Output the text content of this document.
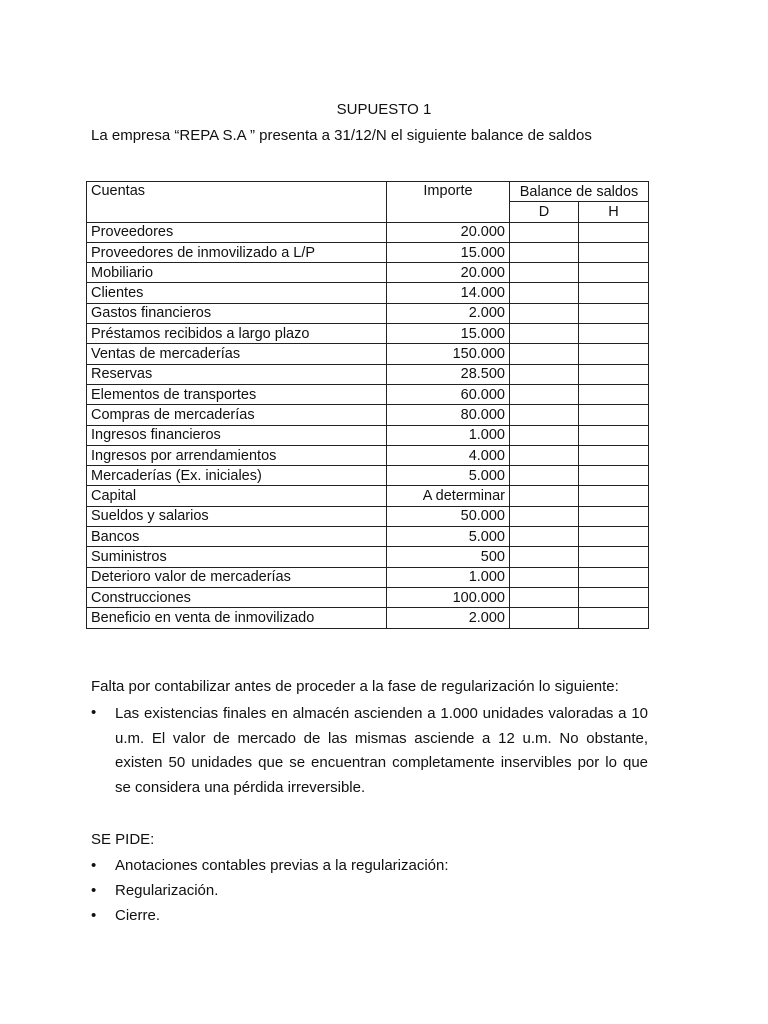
SUPUESTO 1
La empresa “REPA S.A ” presenta a 31/12/N el siguiente balance de saldos
Cuentas	Importe	Balance de saldos	
		D	H
Proveedores	20.000		
Proveedores de inmovilizado a L/P	15.000		
Mobiliario	20.000		
Clientes	14.000		
Gastos financieros	2.000		
Préstamos recibidos a largo plazo	15.000		
Ventas de mercaderías	150.000		
Reservas	28.500		
Elementos de transportes	60.000		
Compras de mercaderías	80.000		
Ingresos financieros	1.000		
Ingresos por arrendamientos	4.000		
Mercaderías (Ex. iniciales)	5.000		
Capital	A determinar		
Sueldos y salarios	50.000		
Bancos	5.000		
Suministros	500		
Deterioro valor de mercaderías	1.000		
Construcciones	100.000		
Beneficio en venta de inmovilizado	2.000		
Falta por contabilizar antes de proceder a la fase de regularización lo siguiente:
• Las existencias finales en almacén ascienden a 1.000 unidades valoradas a 10 u.m. El valor de mercado de las mismas asciende a 12 u.m. No obstante, existen 50 unidades que se encuentran completamente inservibles por lo que se considera una pérdida irreversible.
SE PIDE:
• Anotaciones contables previas a la regularización:
• Regularización.
• Cierre.
